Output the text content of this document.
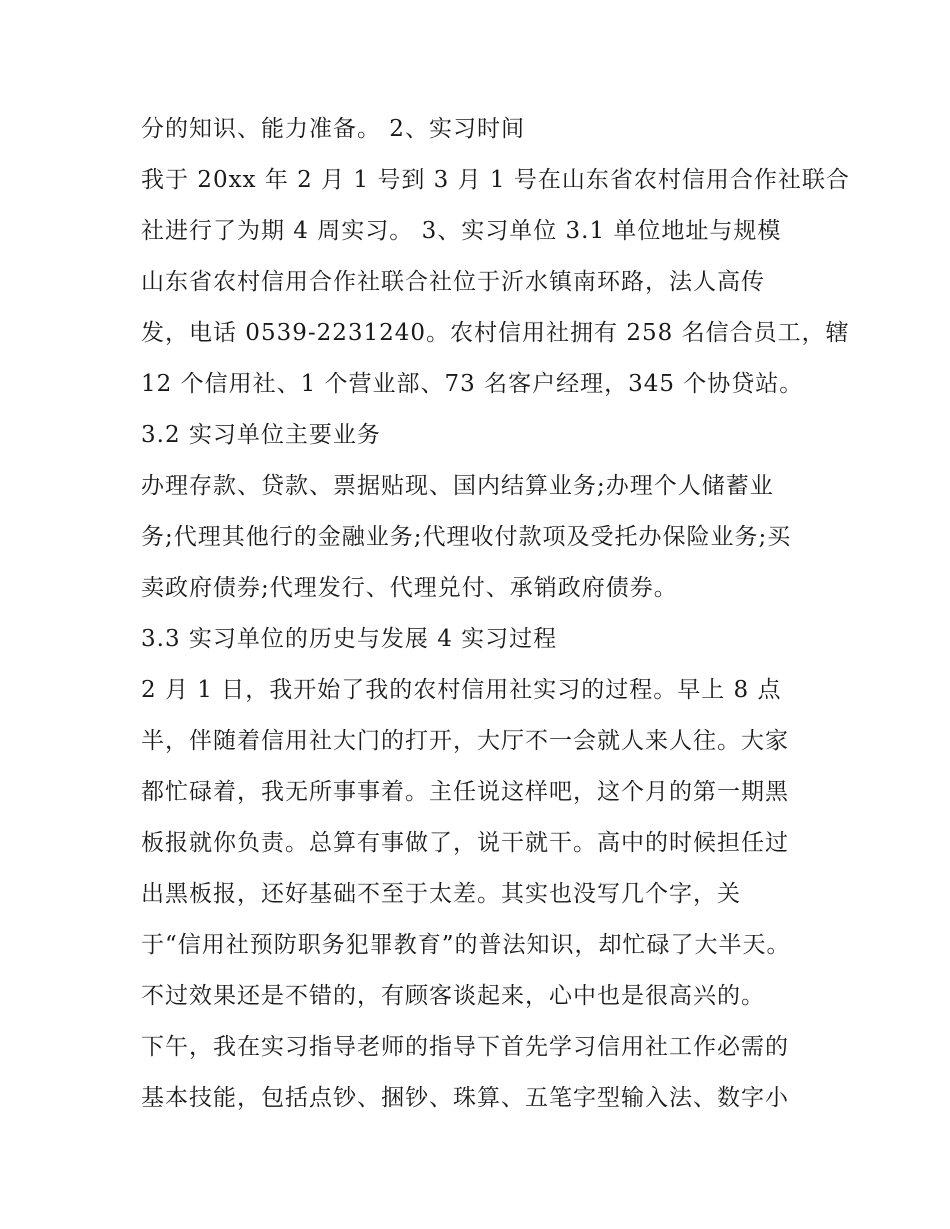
分的知识、能力准备。 2、实习时间
我于 20xx 年 2 月 1 号到 3 月 1 号在山东省农村信用合作社联合
社进行了为期 4 周实习。 3、实习单位 3.1 单位地址与规模
山东省农村信用合作社联合社位于沂水镇南环路，法人高传
发，电话 0539-2231240。农村信用社拥有 258 名信合员工，辖
12 个信用社、1 个营业部、73 名客户经理，345 个协贷站。
3.2 实习单位主要业务
办理存款、贷款、票据贴现、国内结算业务;办理个人储蓄业
务;代理其他行的金融业务;代理收付款项及受托办保险业务;买
卖政府债券;代理发行、代理兑付、承销政府债券。
3.3 实习单位的历史与发展 4 实习过程
2 月 1 日，我开始了我的农村信用社实习的过程。早上 8 点
半，伴随着信用社大门的打开，大厅不一会就人来人往。大家
都忙碌着，我无所事事着。主任说这样吧，这个月的第一期黑
板报就你负责。总算有事做了，说干就干。高中的时候担任过
出黑板报，还好基础不至于太差。其实也没写几个字，关
于“信用社预防职务犯罪教育”的普法知识，却忙碌了大半天。
不过效果还是不错的，有顾客谈起来，心中也是很高兴的。
下午，我在实习指导老师的指导下首先学习信用社工作必需的
基本技能，包括点钞、捆钞、珠算、五笔字型输入法、数字小
